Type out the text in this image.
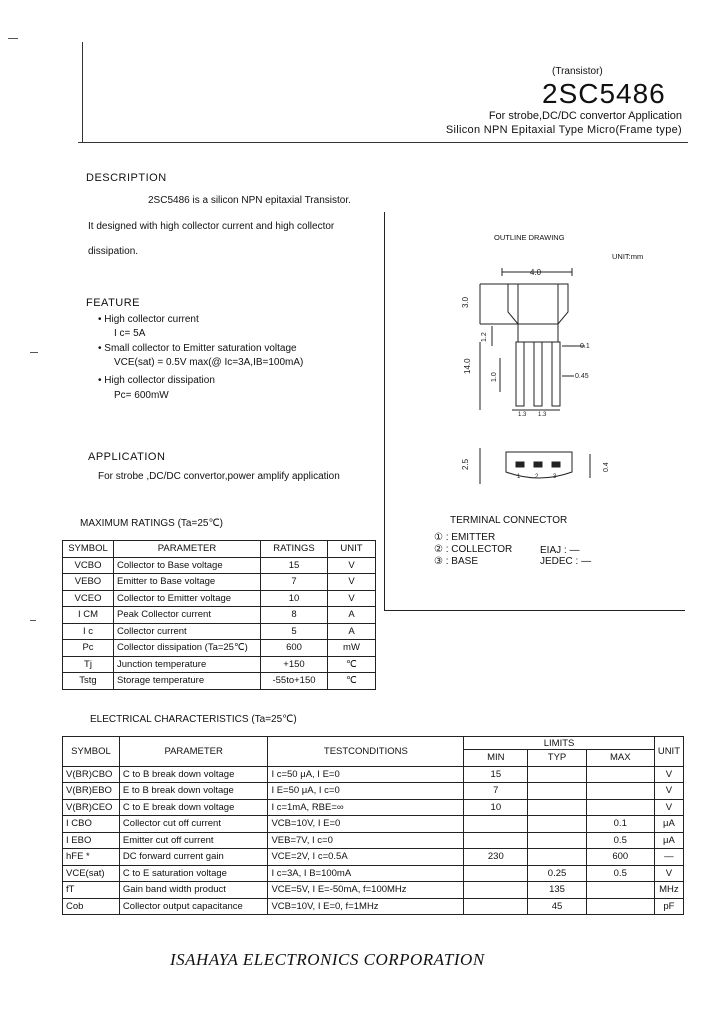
(Transistor)
2SC5486
For strobe,DC/DC convertor Application
Silicon NPN Epitaxial Type Micro(Frame type)
DESCRIPTION
2SC5486 is a silicon NPN epitaxial Transistor.
It designed with high collector current and high collector
dissipation.
FEATURE
• High collector current
I c= 5A
• Small collector to Emitter saturation voltage
VCE(sat) = 0.5V max(@ Ic=3A,IB=100mA)
• High collector dissipation
Pc= 600mW
APPLICATION
For strobe ,DC/DC convertor,power amplify application
OUTLINE DRAWING
UNIT:mm
4.0
3.0
1.2
14.0
1.0
0.1
0.45
1.3 1.3
2.5	0.4
1 2 3
TERMINAL CONNECTOR
① : EMITTER
② : COLLECTOR
③ : BASE
EIAJ : —
JEDEC : —
MAXIMUM RATINGS (Ta=25℃)
SYMBOL	PARAMETER	RATINGS	UNIT
VCBO	Collector to Base voltage	15	V
VEBO	Emitter to Base voltage	7	V
VCEO	Collector to Emitter voltage	10	V
I CM	Peak Collector current	8	A
I c	Collector current	5	A
Pc	Collector dissipation (Ta=25℃)	600	mW
Tj	Junction temperature	+150	℃
Tstg	Storage temperature	-55to+150	℃
ELECTRICAL CHARACTERISTICS (Ta=25℃)
SYMBOL	PARAMETER	TESTCONDITIONS	LIMITS			UNIT
			MIN	TYP	MAX	
V(BR)CBO	C to B break down voltage	I c=50 μA, I E=0	15			V
V(BR)EBO	E to B break down voltage	I E=50 μA, I c=0	7			V
V(BR)CEO	C to E break down voltage	I c=1mA, RBE=∞	10			V
I CBO	Collector cut off current	VCB=10V, I E=0			0.1	μA
I EBO	Emitter cut off current	VEB=7V, I c=0			0.5	μA
hFE *	DC forward current gain	VCE=2V, I c=0.5A	230		600	—
VCE(sat)	C to E saturation voltage	I c=3A, I B=100mA		0.25	0.5	V
fT	Gain band width product	VCE=5V, I E=-50mA, f=100MHz		135		MHz
Cob	Collector output capacitance	VCB=10V, I E=0, f=1MHz		45		pF
ISAHAYA ELECTRONICS CORPORATION
